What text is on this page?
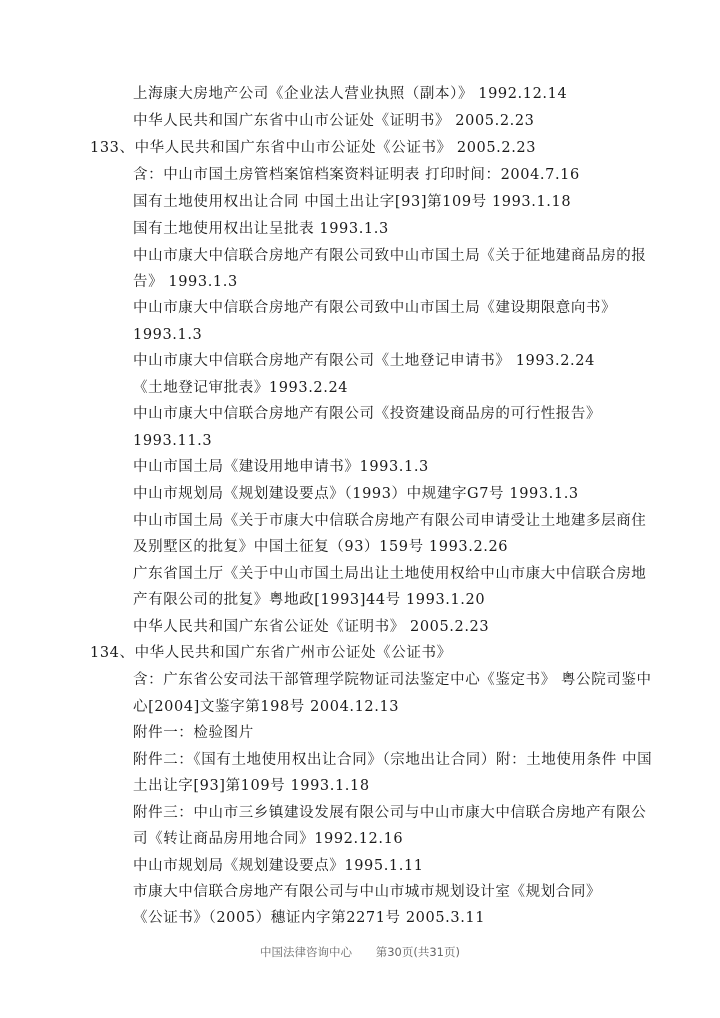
上海康大房地产公司《企业法人营业执照（副本）》 1992.12.14
中华人民共和国广东省中山市公证处《证明书》 2005.2.23
133、中华人民共和国广东省中山市公证处《公证书》 2005.2.23
含：中山市国土房管档案馆档案资料证明表 打印时间：2004.7.16
国有土地使用权出让合同 中国土出让字[93]第109号 1993.1.18
国有土地使用权出让呈批表 1993.1.3
中山市康大中信联合房地产有限公司致中山市国土局《关于征地建商品房的报
告》 1993.1.3
中山市康大中信联合房地产有限公司致中山市国土局《建设期限意向书》
1993.1.3
中山市康大中信联合房地产有限公司《土地登记申请书》 1993.2.24
《土地登记审批表》1993.2.24
中山市康大中信联合房地产有限公司《投资建设商品房的可行性报告》
1993.11.3
中山市国土局《建设用地申请书》1993.1.3
中山市规划局《规划建设要点》（1993）中规建字G7号 1993.1.3
中山市国土局《关于市康大中信联合房地产有限公司申请受让土地建多层商住
及别墅区的批复》中国土征复（93）159号 1993.2.26
广东省国土厅《关于中山市国土局出让土地使用权给中山市康大中信联合房地
产有限公司的批复》粤地政[1993]44号 1993.1.20
中华人民共和国广东省公证处《证明书》 2005.2.23
134、中华人民共和国广东省广州市公证处《公证书》
含：广东省公安司法干部管理学院物证司法鉴定中心《鉴定书》 粤公院司鉴中
心[2004]文鉴字第198号 2004.12.13
附件一：检验图片
附件二：《国有土地使用权出让合同》（宗地出让合同）附：土地使用条件 中国
土出让字[93]第109号 1993.1.18
附件三：中山市三乡镇建设发展有限公司与中山市康大中信联合房地产有限公
司《转让商品房用地合同》1992.12.16
中山市规划局《规划建设要点》1995.1.11
市康大中信联合房地产有限公司与中山市城市规划设计室《规划合同》
《公证书》（2005）穗证内字第2271号 2005.3.11
中国法律咨询中心 第30页(共31页)
